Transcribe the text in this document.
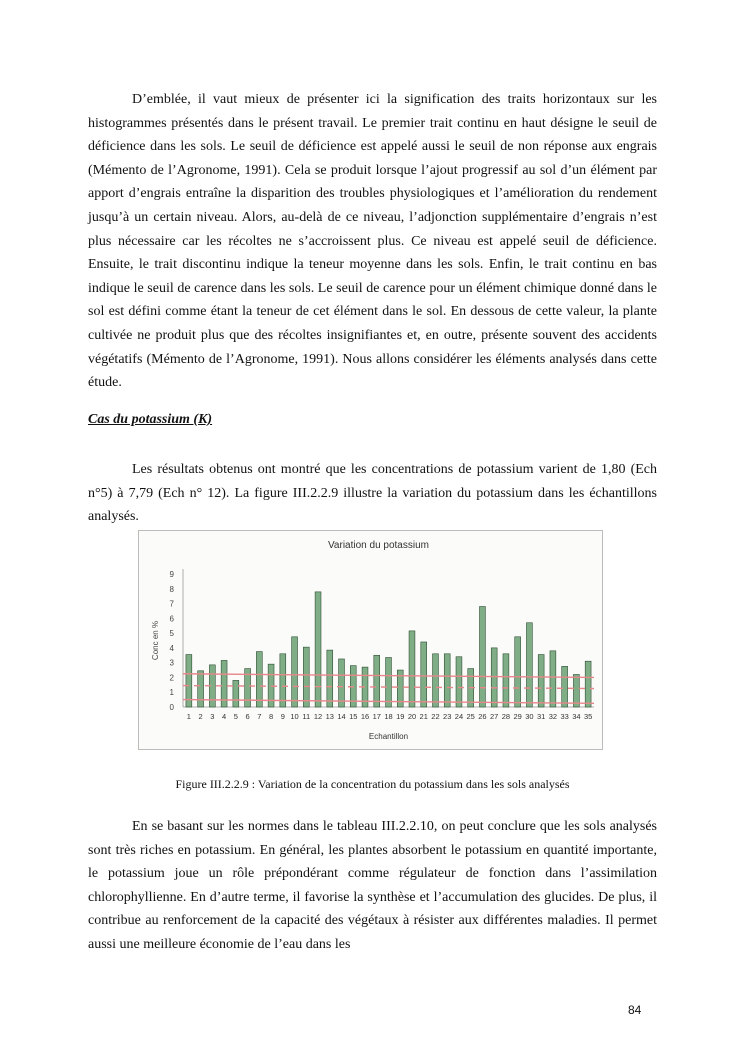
D’emblée, il vaut mieux de présenter ici la signification des traits horizontaux sur les histogrammes présentés dans le présent travail. Le premier trait continu en haut désigne le seuil de déficience dans les sols. Le seuil de déficience est appelé aussi le seuil de non réponse aux engrais (Mémento de l’Agronome, 1991). Cela se produit lorsque l’ajout progressif au sol d’un élément par apport d’engrais entraîne la disparition des troubles physiologiques et l’amélioration du rendement jusqu’à un certain niveau. Alors, au-delà de ce niveau, l’adjonction supplémentaire d’engrais n’est plus nécessaire car les récoltes ne s’accroissent plus. Ce niveau est appelé seuil de déficience. Ensuite, le trait discontinu indique la teneur moyenne dans les sols. Enfin, le trait continu en bas indique le seuil de carence dans les sols. Le seuil de carence pour un élément chimique donné dans le sol est défini comme étant la teneur de cet élément dans le sol. En dessous de cette valeur, la plante cultivée ne produit plus que des récoltes insignifiantes et, en outre, présente souvent des accidents végétatifs (Mémento de l’Agronome, 1991). Nous allons considérer les éléments analysés dans cette étude.

Cas du potassium (K)

Les résultats obtenus ont montré que les concentrations de potassium varient de 1,80 (Ech n°5) à 7,79 (Ech n° 12). La figure III.2.2.9 illustre la variation du potassium dans les échantillons analysés.

Variation du potassium
0
1
2
3
4
5
6
7
8
9
Conc en %
1 2 3 4 5 6 7 8 9 10 11 12 13 14 15 16 17 18 19 20 21 22 23 24 25 26 27 28 29 30 31 32 33 34 35
Echantillon
Figure III.2.2.9 : Variation de la concentration du potassium dans les sols analysés

En se basant sur les normes dans le tableau III.2.2.10, on peut conclure que les sols analysés sont très riches en potassium. En général, les plantes absorbent le potassium en quantité importante, le potassium joue un rôle prépondérant comme régulateur de fonction dans l’assimilation chlorophyllienne. En d’autre terme, il favorise la synthèse et l’accumulation des glucides. De plus, il contribue au renforcement de la capacité des végétaux à résister aux différentes maladies. Il permet aussi une meilleure économie de l’eau dans les

84
